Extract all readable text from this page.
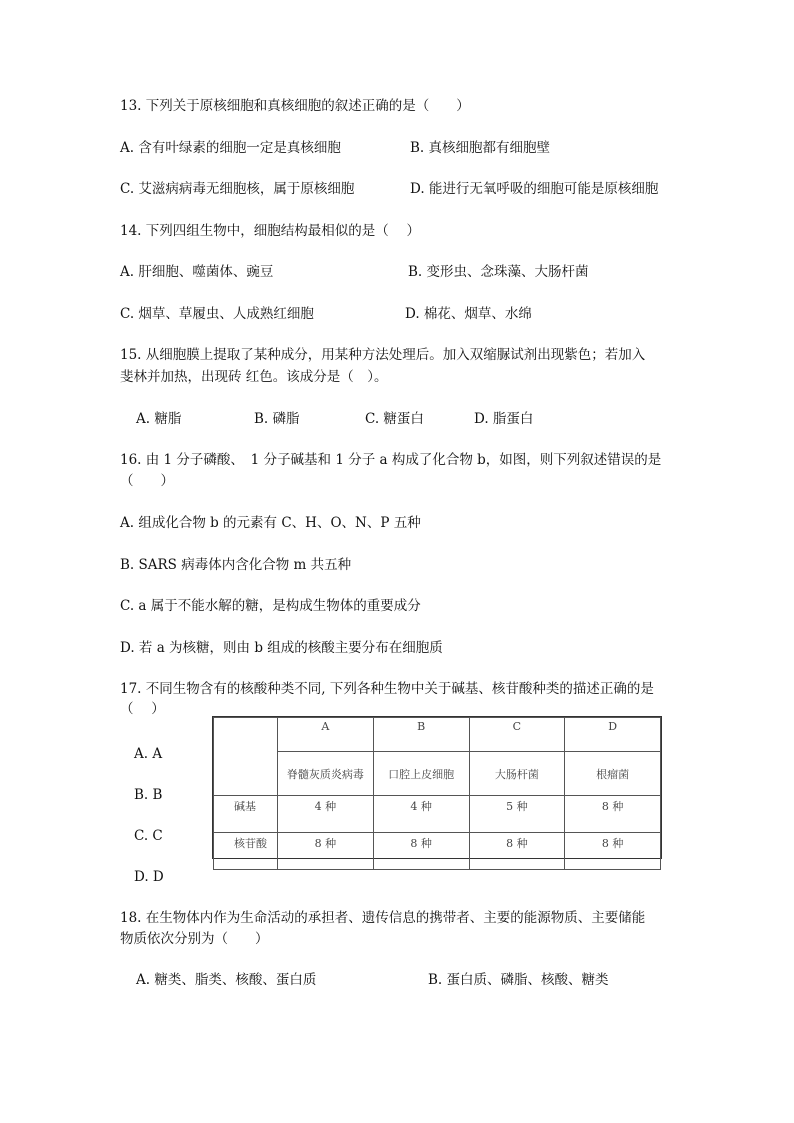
13. 下列关于原核细胞和真核细胞的叙述正确的是（　　）
A. 含有叶绿素的细胞一定是真核细胞	B. 真核细胞都有细胞壁
C. 艾滋病病毒无细胞核，属于原核细胞	D. 能进行无氧呼吸的细胞可能是原核细胞
14. 下列四组生物中，细胞结构最相似的是（　 ）
A. 肝细胞、噬菌体、豌豆	B. 变形虫、念珠藻、大肠杆菌
C. 烟草、草履虫、人成熟红细胞	D. 棉花、烟草、水绵
15. 从细胞膜上提取了某种成分，用某种方法处理后。加入双缩脲试剂出现紫色；若加入
斐林并加热，出现砖 红色。该成分是（　）。
A. 糖脂	B. 磷脂	C. 糖蛋白	D. 脂蛋白
16. 由 1 分子磷酸、　1 分子碱基和 1 分子 a 构成了化合物 b，如图，则下列叙述错误的是
（　　）
A. 组成化合物 b 的元素有 C、H、O、N、P 五种
B. SARS 病毒体内含化合物 m 共五种
C. a 属于不能水解的糖，是构成生物体的重要成分
D. 若 a 为核糖，则由 b 组成的核酸主要分布在细胞质
17. 不同生物含有的核酸种类不同, 下列各种生物中关于碱基、核苷酸种类的描述正确的是
（　 ）
A. A
B. B
C. C
D. D
	A	B	C	D
	脊髓灰质炎病毒	口腔上皮细胞	大肠杆菌	根瘤菌
碱基	4 种	4 种	5 种	8 种
核苷酸	8 种	8 种	8 种	8 种
18. 在生物体内作为生命活动的承担者、遗传信息的携带者、主要的能源物质、主要储能
物质依次分别为（　　）
A. 糖类、脂类、核酸、蛋白质	B. 蛋白质、磷脂、核酸、糖类
